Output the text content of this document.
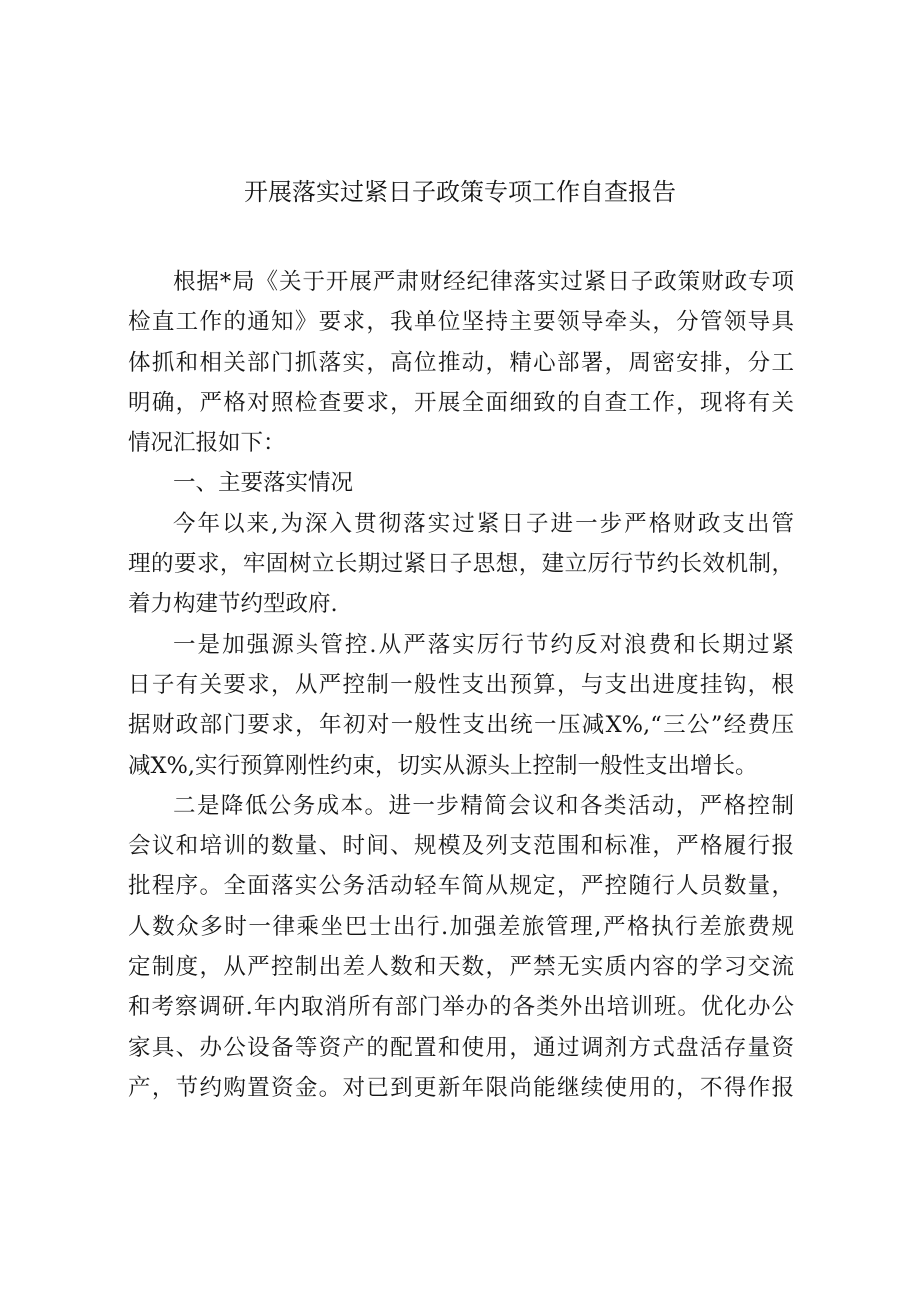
开展落实过紧日子政策专项工作自查报告
根据*局《关于开展严肃财经纪律落实过紧日子政策财政专项
检直工作的通知》要求，我单位坚持主要领导牵头，分管领导具
体抓和相关部门抓落实，高位推动，精心部署，周密安排，分工
明确，严格对照检查要求，开展全面细致的自查工作，现将有关
情况汇报如下：
一、主要落实情况
今年以来,为深入贯彻落实过紧日子进一步严格财政支出管
理的要求，牢固树立长期过紧日子思想，建立厉行节约长效机制，
着力构建节约型政府.
一是加强源头管控.从严落实厉行节约反对浪费和长期过紧
日子有关要求，从严控制一般性支出预算，与支出进度挂钩，根
据财政部门要求，年初对一般性支出统一压减X%,“三公”经费压
减X%,实行预算刚性约束，切实从源头上控制一般性支出增长。
二是降低公务成本。进一步精简会议和各类活动，严格控制
会议和培训的数量、时间、规模及列支范围和标准，严格履行报
批程序。全面落实公务活动轻车简从规定，严控随行人员数量，
人数众多时一律乘坐巴士出行.加强差旅管理,严格执行差旅费规
定制度，从严控制出差人数和天数，严禁无实质内容的学习交流
和考察调研.年内取消所有部门举办的各类外出培训班。优化办公
家具、办公设备等资产的配置和使用，通过调剂方式盘活存量资
产，节约购置资金。对已到更新年限尚能继续使用的，不得作报
